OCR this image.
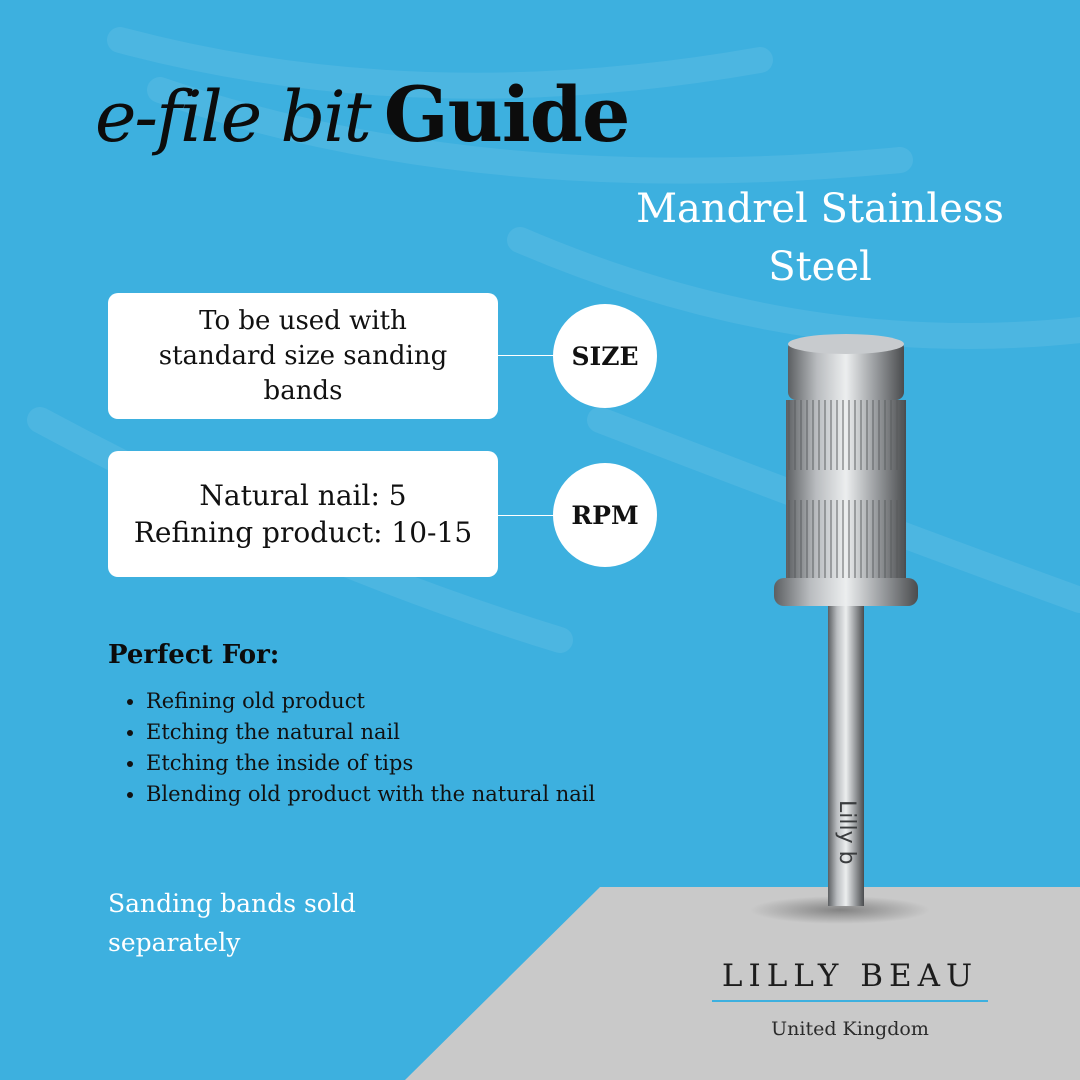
e-file bit Guide
Mandrel Stainless
Steel
To be used with
standard size sanding
bands
SIZE
Natural nail: 5
Refining product: 10-15
RPM
Perfect For:
• Refining old product
• Etching the natural nail
• Etching the inside of tips
• Blending old product with the natural nail
Sanding bands sold separately
Lilly b
LILLY BEAU
United Kingdom
